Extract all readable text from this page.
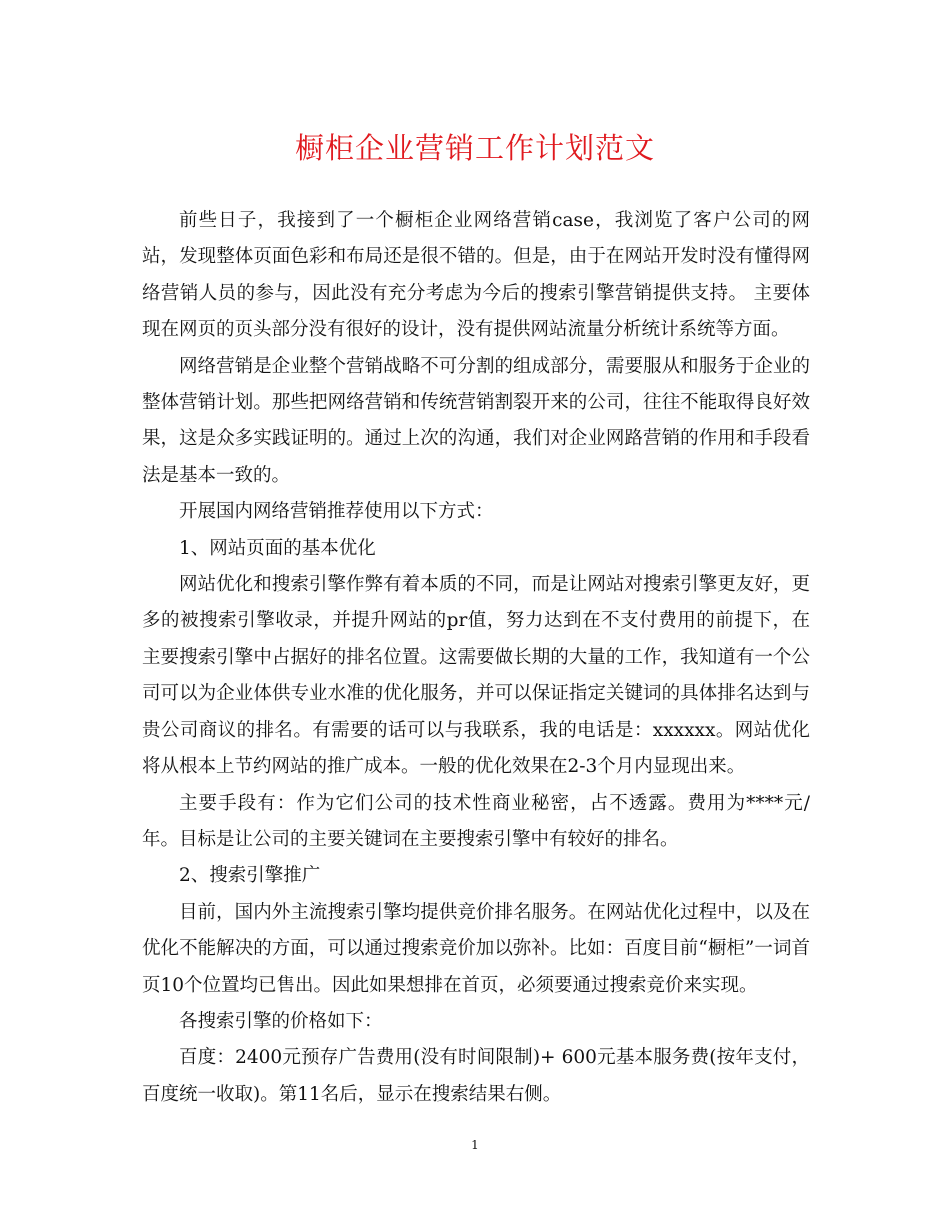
橱柜企业营销工作计划范文

前些日子，我接到了一个橱柜企业网络营销case，我浏览了客户公司的网站，发现整体页面色彩和布局还是很不错的。但是，由于在网站开发时没有懂得网络营销人员的参与，因此没有充分考虑为今后的搜索引擎营销提供支持。 主要体现在网页的页头部分没有很好的设计，没有提供网站流量分析统计系统等方面。

网络营销是企业整个营销战略不可分割的组成部分，需要服从和服务于企业的整体营销计划。那些把网络营销和传统营销割裂开来的公司，往往不能取得良好效果，这是众多实践证明的。通过上次的沟通，我们对企业网路营销的作用和手段看法是基本一致的。

开展国内网络营销推荐使用以下方式：

1、网站页面的基本优化

网站优化和搜索引擎作弊有着本质的不同，而是让网站对搜索引擎更友好，更多的被搜索引擎收录，并提升网站的pr值，努力达到在不支付费用的前提下，在主要搜索引擎中占据好的排名位置。这需要做长期的大量的工作，我知道有一个公司可以为企业体供专业水准的优化服务，并可以保证指定关键词的具体排名达到与贵公司商议的排名。有需要的话可以与我联系，我的电话是：xxxxxx。网站优化将从根本上节约网站的推广成本。一般的优化效果在2-3个月内显现出来。

主要手段有：作为它们公司的技术性商业秘密，占不透露。费用为****元/年。目标是让公司的主要关键词在主要搜索引擎中有较好的排名。

2、搜索引擎推广

目前，国内外主流搜索引擎均提供竞价排名服务。在网站优化过程中，以及在优化不能解决的方面，可以通过搜索竞价加以弥补。比如：百度目前“橱柜”一词首页10个位置均已售出。因此如果想排在首页，必须要通过搜索竞价来实现。

各搜索引擎的价格如下：

百度：2400元预存广告费用(没有时间限制)+ 600元基本服务费(按年支付，百度统一收取)。第11名后，显示在搜索结果右侧。

1
